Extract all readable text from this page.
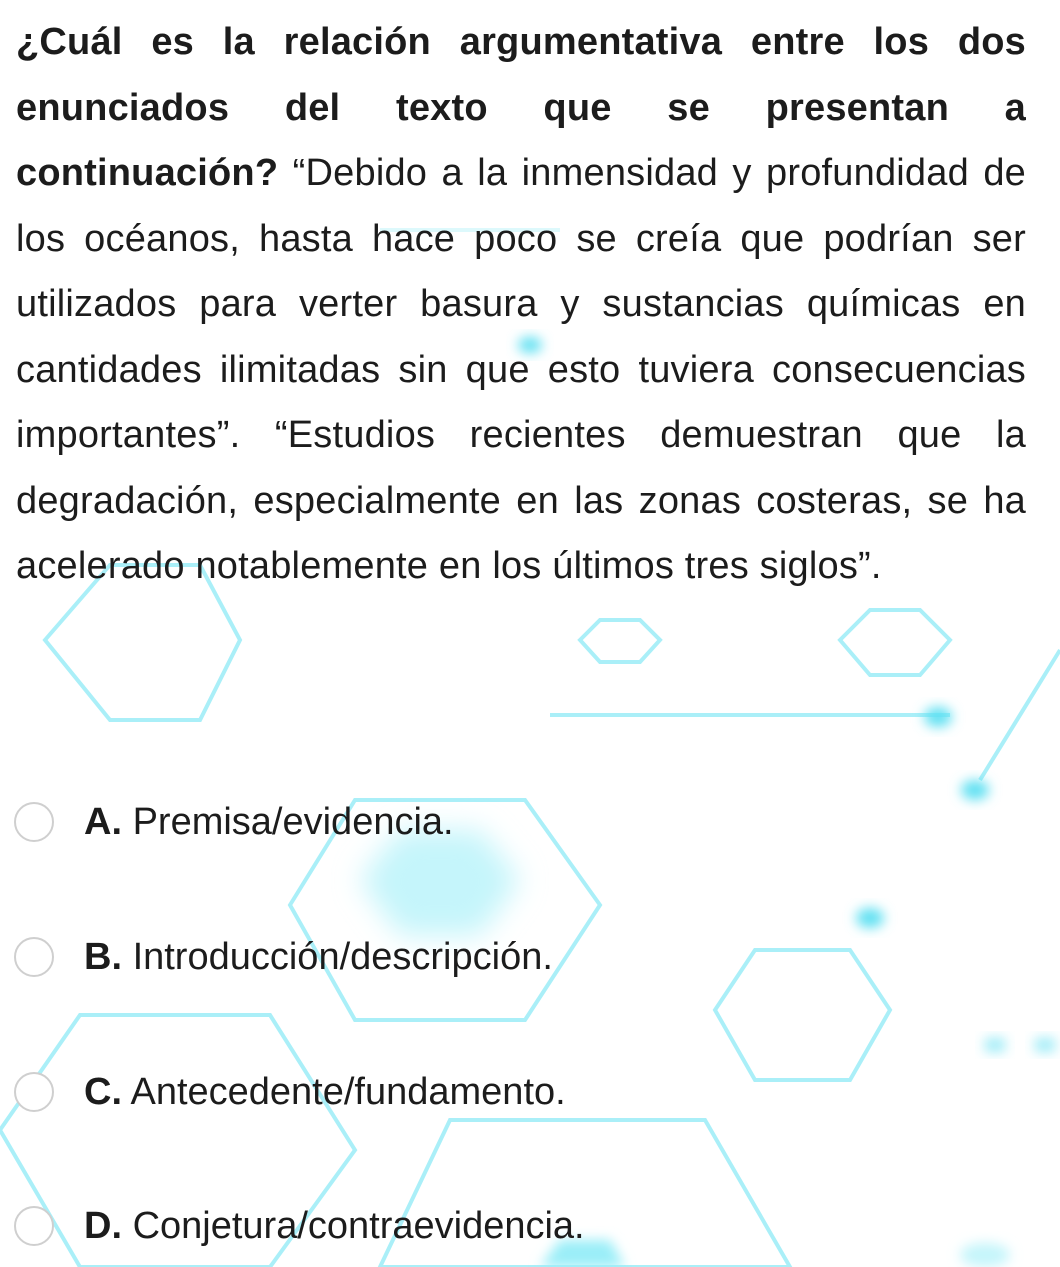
¿Cuál es la relación argumentativa entre los dos enunciados del texto que se presentan a continuación? “Debido a la inmensidad y profundidad de los océanos, hasta hace poco se creía que podrían ser utilizados para verter basura y sustancias químicas en cantidades ilimitadas sin que esto tuviera consecuencias importantes”. “Estudios recientes demuestran que la degradación, especialmente en las zonas costeras, se ha acelerado notablemente en los últimos tres siglos”.
A. Premisa/evidencia.
B. Introducción/descripción.
C. Antecedente/fundamento.
D. Conjetura/contraevidencia.
